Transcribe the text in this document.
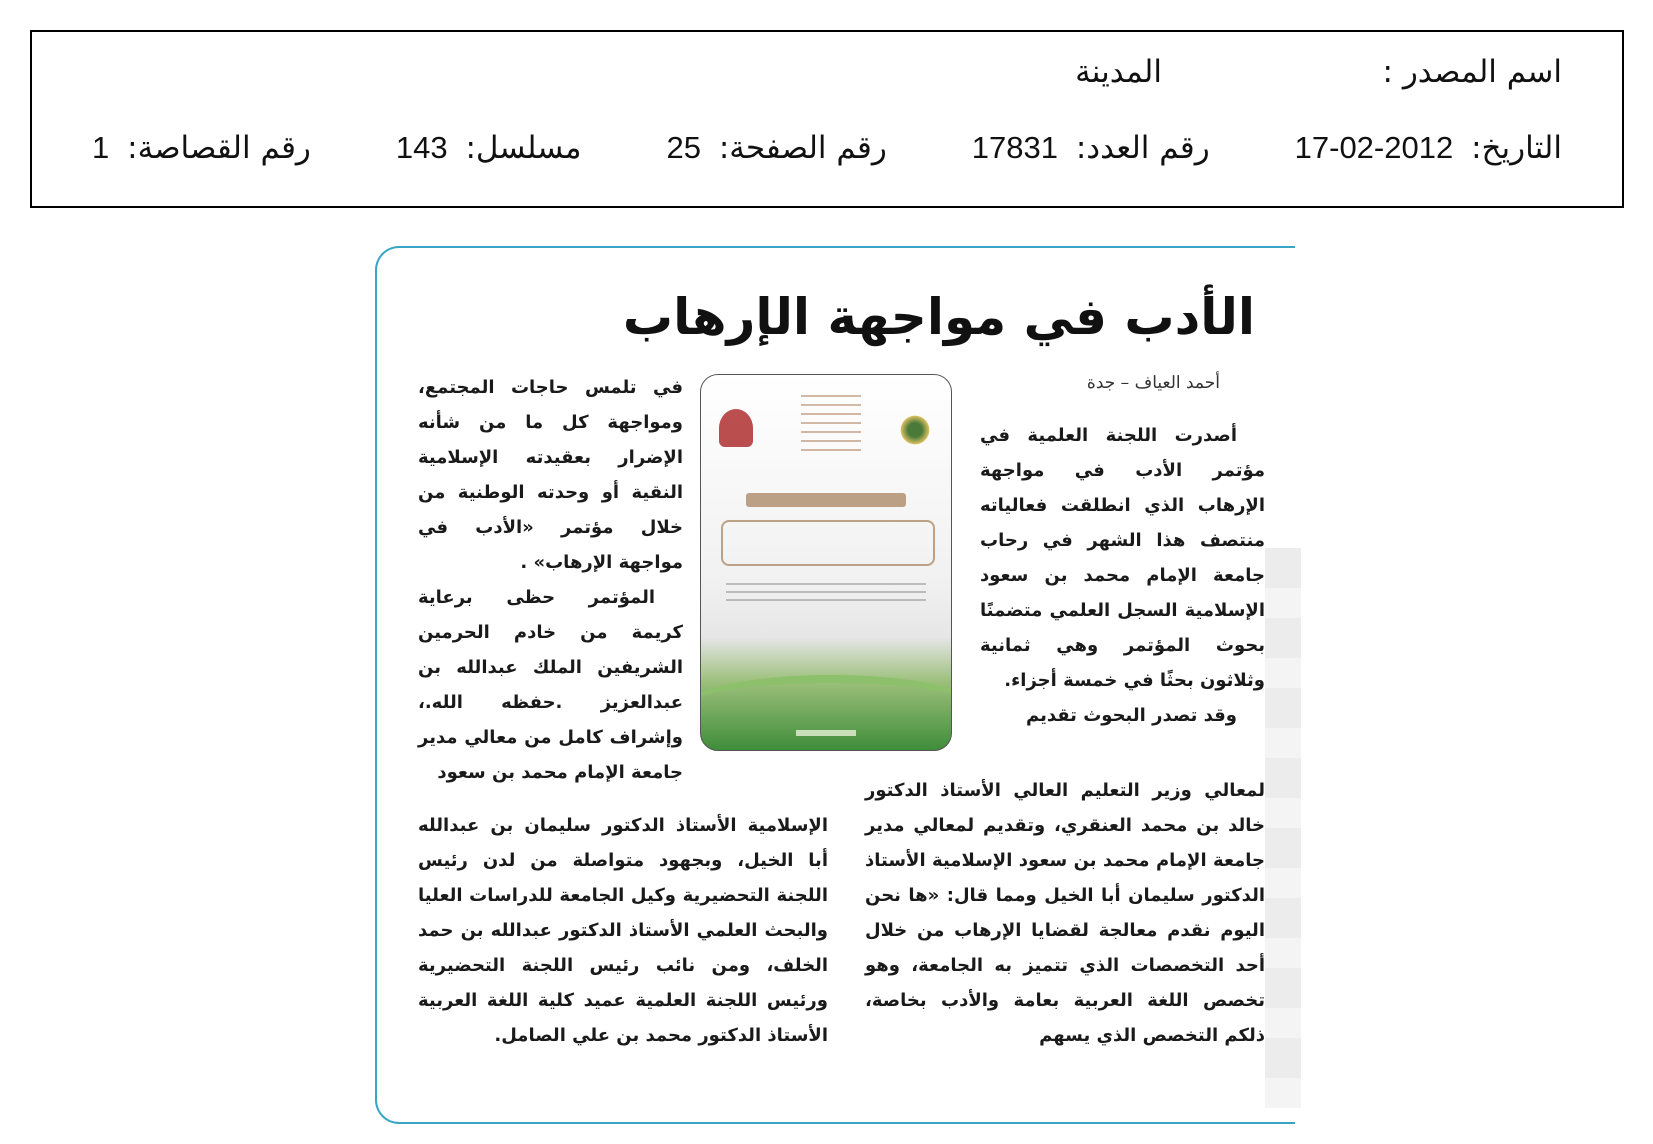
اسم المصدر :
المدينة
التاريخ: 2012-02-17
رقم العدد: 17831
رقم الصفحة: 25
مسلسل: 143
رقم القصاصة: 1
الأدب في مواجهة الإرهاب
أحمد العياف – جدة

أصدرت اللجنة العلمية في مؤتمر الأدب في مواجهة الإرهاب الذي انطلقت فعالياته منتصف هذا الشهر في رحاب جامعة الإمام محمد بن سعود الإسلامية السجل العلمي متضمنًا بحوث المؤتمر وهي ثمانية وثلاثون بحثًا في خمسة أجزاء.

وقد تصدر البحوث تقديم

في تلمس حاجات المجتمع، ومواجهة كل ما من شأنه الإضرار بعقيدته الإسلامية النقية أو وحدته الوطنية من خلال مؤتمر «الأدب في مواجهة الإرهاب» .

المؤتمر حظى برعاية كريمة من خادم الحرمين الشريفين الملك عبدالله بن عبدالعزيز .حفظه الله.، وإشراف كامل من معالي مدير جامعة الإمام محمد بن سعود

لمعالي وزير التعليم العالي الأستاذ الدكتور خالد بن محمد العنقري، وتقديم لمعالي مدير جامعة الإمام محمد بن سعود الإسلامية الأستاذ الدكتور سليمان أبا الخيل ومما قال: «ها نحن اليوم نقدم معالجة لقضايا الإرهاب من خلال أحد التخصصات الذي تتميز به الجامعة، وهو تخصص اللغة العربية بعامة والأدب بخاصة، ذلكم التخصص الذي يسهم

الإسلامية الأستاذ الدكتور سليمان بن عبدالله أبا الخيل، وبجهود متواصلة من لدن رئيس اللجنة التحضيرية وكيل الجامعة للدراسات العليا والبحث العلمي الأستاذ الدكتور عبدالله بن حمد الخلف، ومن نائب رئيس اللجنة التحضيرية ورئيس اللجنة العلمية عميد كلية اللغة العربية الأستاذ الدكتور محمد بن علي الصامل.
